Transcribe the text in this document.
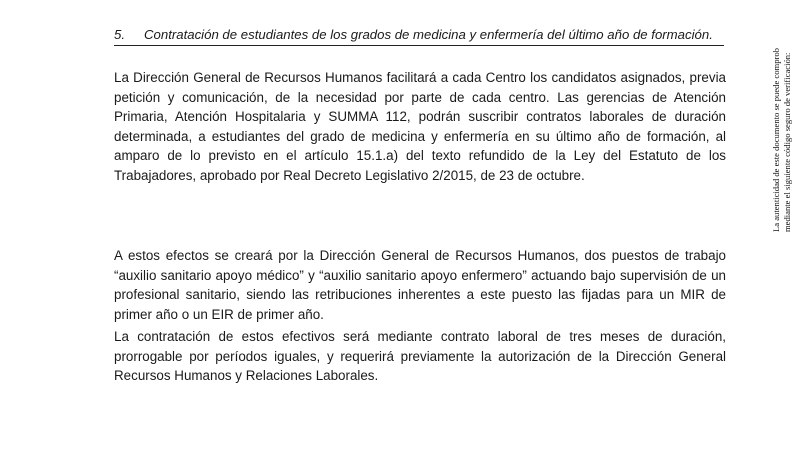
5. Contratación de estudiantes de los grados de medicina y enfermería del último año de formación.

La Dirección General de Recursos Humanos facilitará a cada Centro los candidatos asignados, previa petición y comunicación, de la necesidad por parte de cada centro. Las gerencias de Atención Primaria, Atención Hospitalaria y SUMMA 112, podrán suscribir contratos laborales de duración determinada, a estudiantes del grado de medicina y enfermería en su último año de formación, al amparo de lo previsto en el artículo 15.1.a) del texto refundido de la Ley del Estatuto de los Trabajadores, aprobado por Real Decreto Legislativo 2/2015, de 23 de octubre.

A estos efectos se creará por la Dirección General de Recursos Humanos, dos puestos de trabajo “auxilio sanitario apoyo médico” y “auxilio sanitario apoyo enfermero” actuando bajo supervisión de un profesional sanitario, siendo las retribuciones inherentes a este puesto las fijadas para un MIR de primer año o un EIR de primer año.

La contratación de estos efectivos será mediante contrato laboral de tres meses de duración, prorrogable por períodos iguales, y requerirá previamente la autorización de la Dirección General Recursos Humanos y Relaciones Laborales.

La autenticidad de este documento se puede comprob mediante el siguiente código seguro de verificación:
